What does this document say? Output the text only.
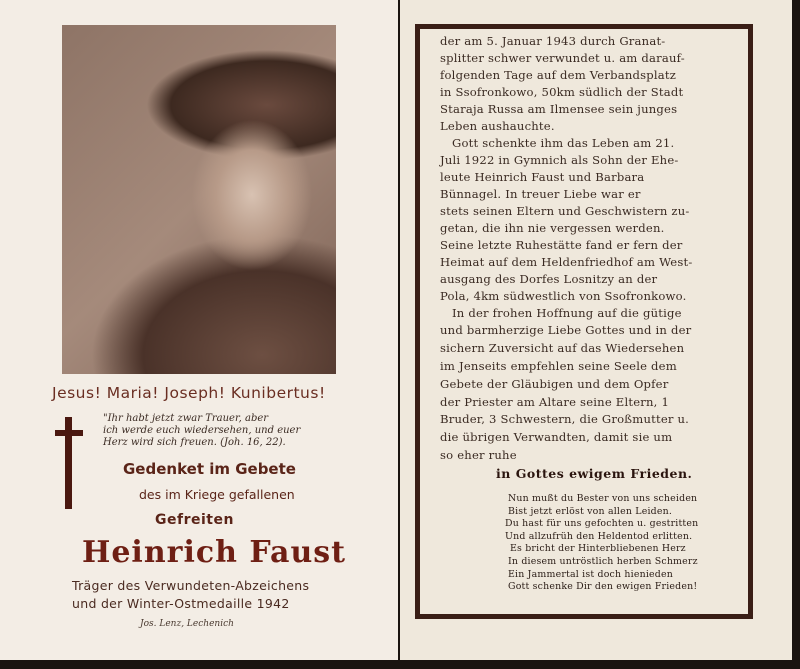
Jesus! Maria! Joseph! Kunibertus!
"Ihr habt jetzt zwar Trauer, aber
ich werde euch wiedersehen, und euer
Herz wird sich freuen. (Joh. 16, 22).
Gedenket im Gebete
des im Kriege gefallenen
Gefreiten
Heinrich Faust
Träger des Verwundeten-Abzeichens
und der Winter-Ostmedaille 1942
Jos. Lenz, Lechenich
in Gottes ewigem Frieden.
der am 5. Januar 1943 durch Granat-
splitter schwer verwundet u. am darauf-
folgenden Tage auf dem Verbandsplatz
in Ssofronkowo, 50km südlich der Stadt
Staraja Russa am Ilmensee sein junges
Leben aushauchte.
Gott schenkte ihm das Leben am 21.
Juli 1922 in Gymnich als Sohn der Ehe-
leute Heinrich Faust und Barbara
Bünnagel. In treuer Liebe war er
stets seinen Eltern und Geschwistern zu-
getan, die ihn nie vergessen werden.
Seine letzte Ruhestätte fand er fern der
Heimat auf dem Heldenfriedhof am West-
ausgang des Dorfes Losnitzy an der
Pola, 4km südwestlich von Ssofronkowo.
In der frohen Hoffnung auf die gütige
und barmherzige Liebe Gottes und in der
sichern Zuversicht auf das Wiedersehen
im Jenseits empfehlen seine Seele dem
Gebete der Gläubigen und dem Opfer
der Priester am Altare seine Eltern, 1
Bruder, 3 Schwestern, die Großmutter u.
die übrigen Verwandten, damit sie um
so eher ruhe
Nun mußt du Bester von uns scheiden
Bist jetzt erlöst von allen Leiden.
Du hast für uns gefochten u. gestritten
Und allzufrüh den Heldentod erlitten.
Es bricht der Hinterbliebenen Herz
In diesem untröstlich herben Schmerz
Ein Jammertal ist doch hienieden
Gott schenke Dir den ewigen Frieden!
